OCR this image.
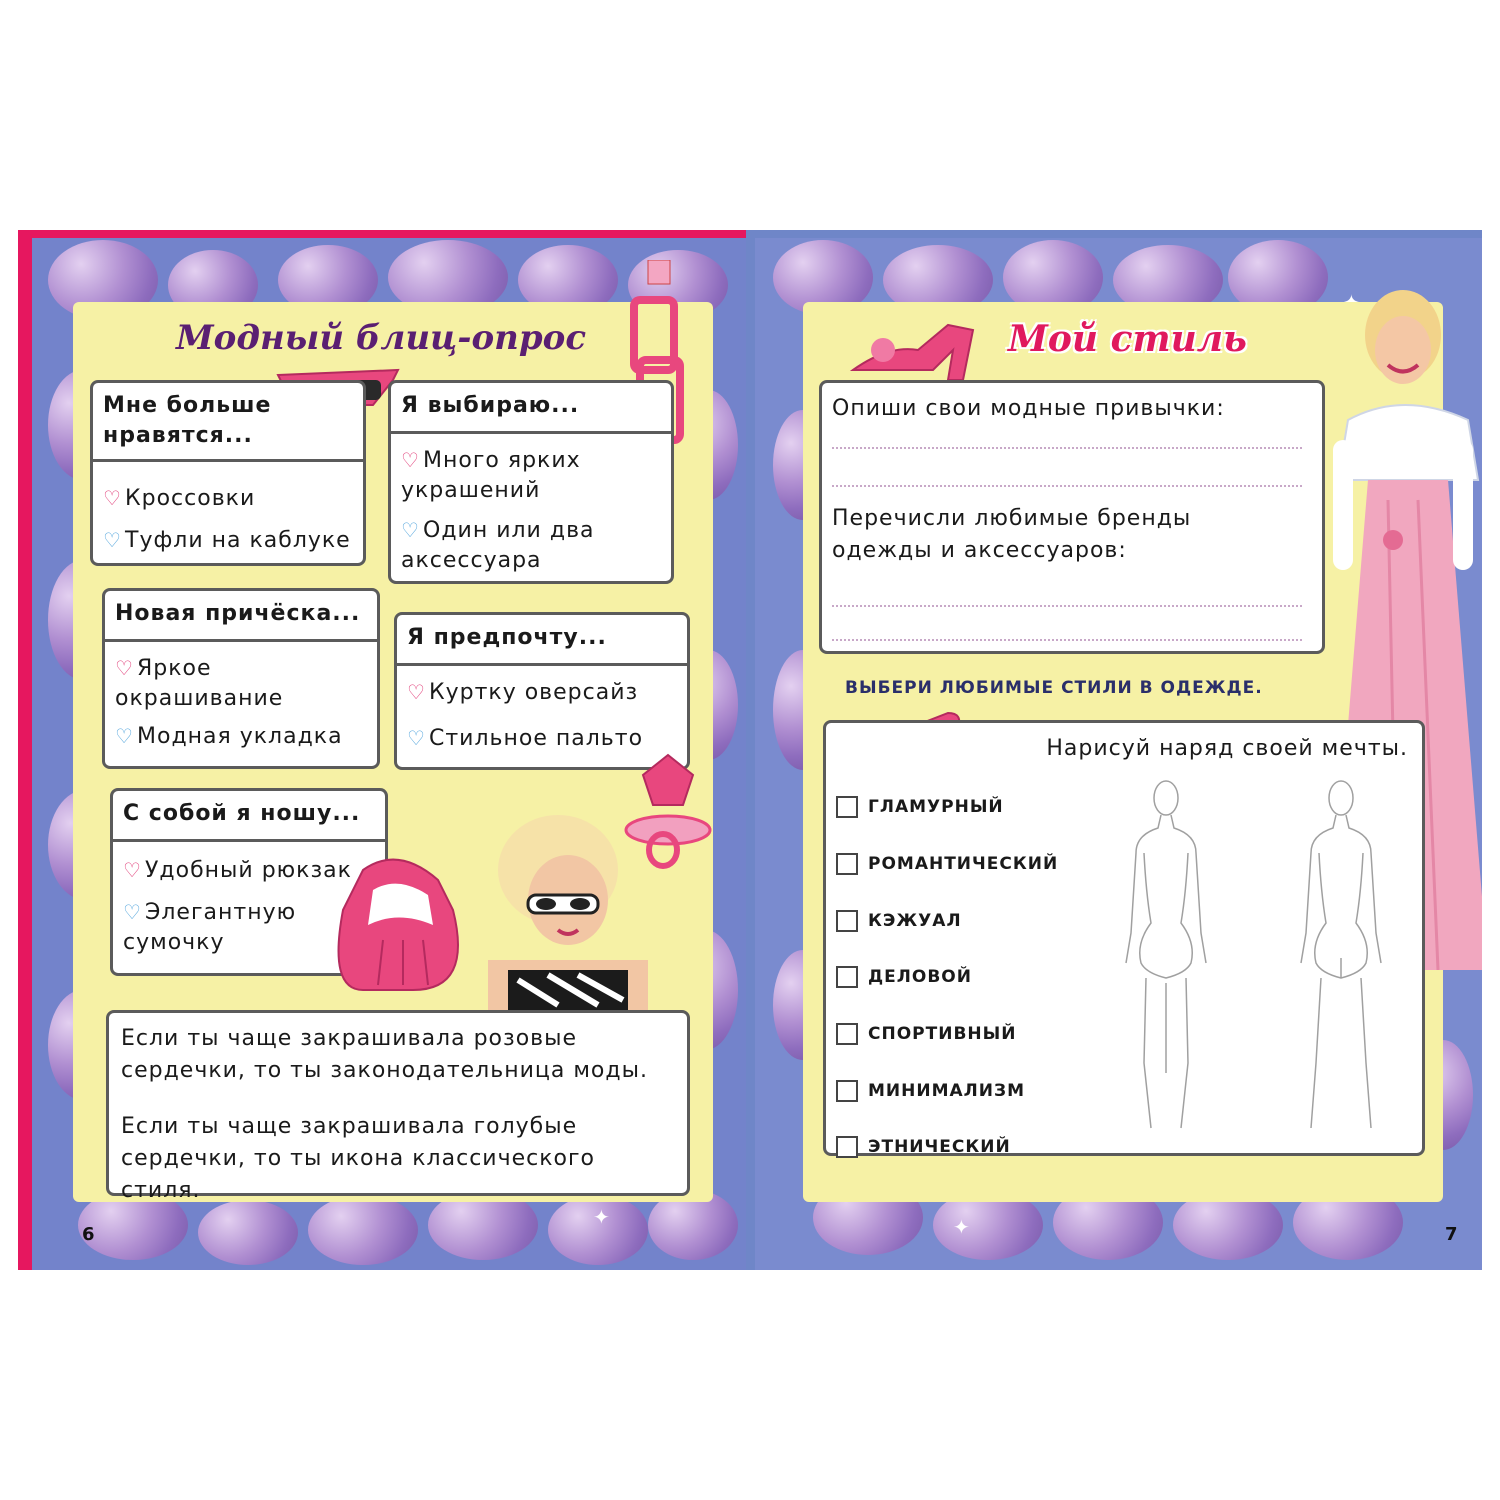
✦
Модный блиц-опрос
Мне больше нравятся...
♡ Кроссовки
♡ Туфли на каблуке
Я выбираю...
♡ Много ярких украшений
♡ Один или два аксессуара
Новая причёска...
♡ Яркое окрашивание
♡ Модная укладка
Я предпочту...
♡ Куртку оверсайз
♡ Стильное пальто
С собой я ношу...
♡ Удобный рюкзак
♡ Элегантную сумочку
Если ты чаще закрашивала розовые сердечки, то ты законодательница моды.
Если ты чаще закрашивала голубые сердечки, то ты икона классического стиля.
6	✦
Мой стиль
Опиши свои модные привычки:
Перечисли любимые бренды одежды и аксессуаров:
ВЫБЕРИ ЛЮБИМЫЕ СТИЛИ В ОДЕЖДЕ.
Нарисуй наряд своей мечты.
ГЛАМУРНЫЙ
РОМАНТИЧЕСКИЙ
КЭЖУАЛ
ДЕЛОВОЙ
СПОРТИВНЫЙ
МИНИМАЛИЗМ
ЭТНИЧЕСКИЙ
7
